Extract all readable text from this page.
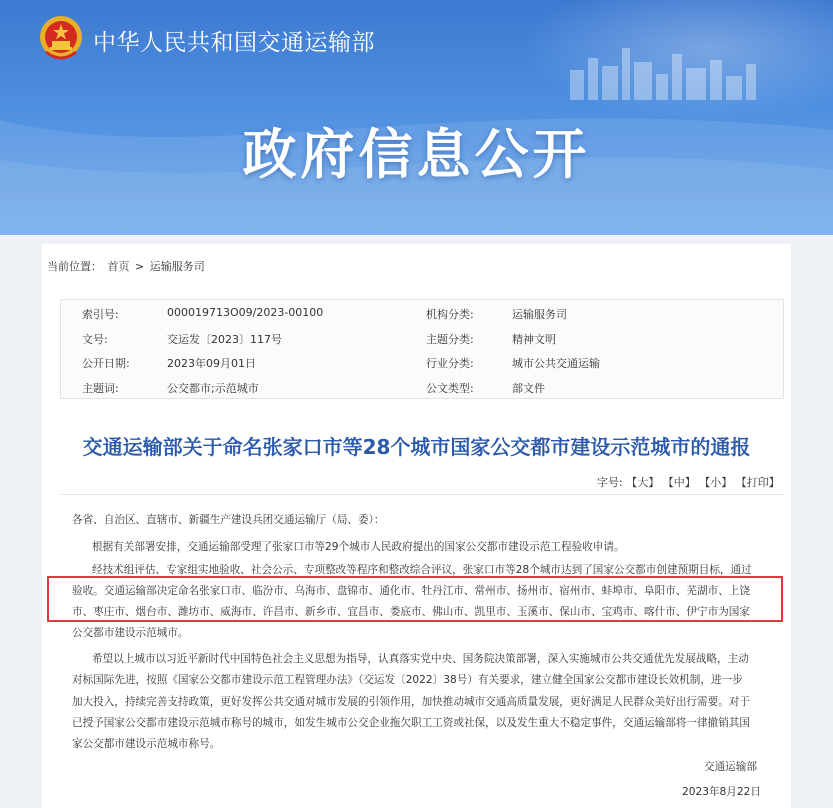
中华人民共和国交通运输部
政府信息公开
当前位置： 首页 > 运输服务司
索引号:	000019713O09/2023-00100	机构分类:	运输服务司
文号:	交运发〔2023〕117号	主题分类:	精神文明
公开日期:	2023年09月01日	行业分类:	城市公共交通运输
主题词:	公交都市;示范城市	公文类型:	部文件
交通运输部关于命名张家口市等28个城市国家公交都市建设示范城市的通报
字号: 【大】 【中】 【小】 【打印】
各省、自治区、直辖市、新疆生产建设兵团交通运输厅（局、委）：
根据有关部署安排，交通运输部受理了张家口市等29个城市人民政府提出的国家公交都市建设示范工程验收申请。
经技术组评估、专家组实地验收、社会公示、专项整改等程序和整改综合评议，张家口市等28个城市达到了国家公交都市创建预期目标，通过
验收。交通运输部决定命名张家口市、临汾市、乌海市、盘锦市、通化市、牡丹江市、常州市、扬州市、宿州市、蚌埠市、阜阳市、芜湖市、上饶
市、枣庄市、烟台市、潍坊市、威海市、许昌市、新乡市、宜昌市、娄底市、佛山市、凯里市、玉溪市、保山市、宝鸡市、喀什市、伊宁市为国家
公交都市建设示范城市。
希望以上城市以习近平新时代中国特色社会主义思想为指导，认真落实党中央、国务院决策部署，深入实施城市公共交通优先发展战略，主动
对标国际先进，按照《国家公交都市建设示范工程管理办法》（交运发〔2022〕38号）有关要求，建立健全国家公交都市建设长效机制，进一步
加大投入，持续完善支持政策，更好发挥公共交通对城市发展的引领作用，加快推动城市交通高质量发展，更好满足人民群众美好出行需要。对于
已授予国家公交都市建设示范城市称号的城市，如发生城市公交企业拖欠职工工资或社保，以及发生重大不稳定事件，交通运输部将一律撤销其国
家公交都市建设示范城市称号。
交通运输部
2023年8月22日
